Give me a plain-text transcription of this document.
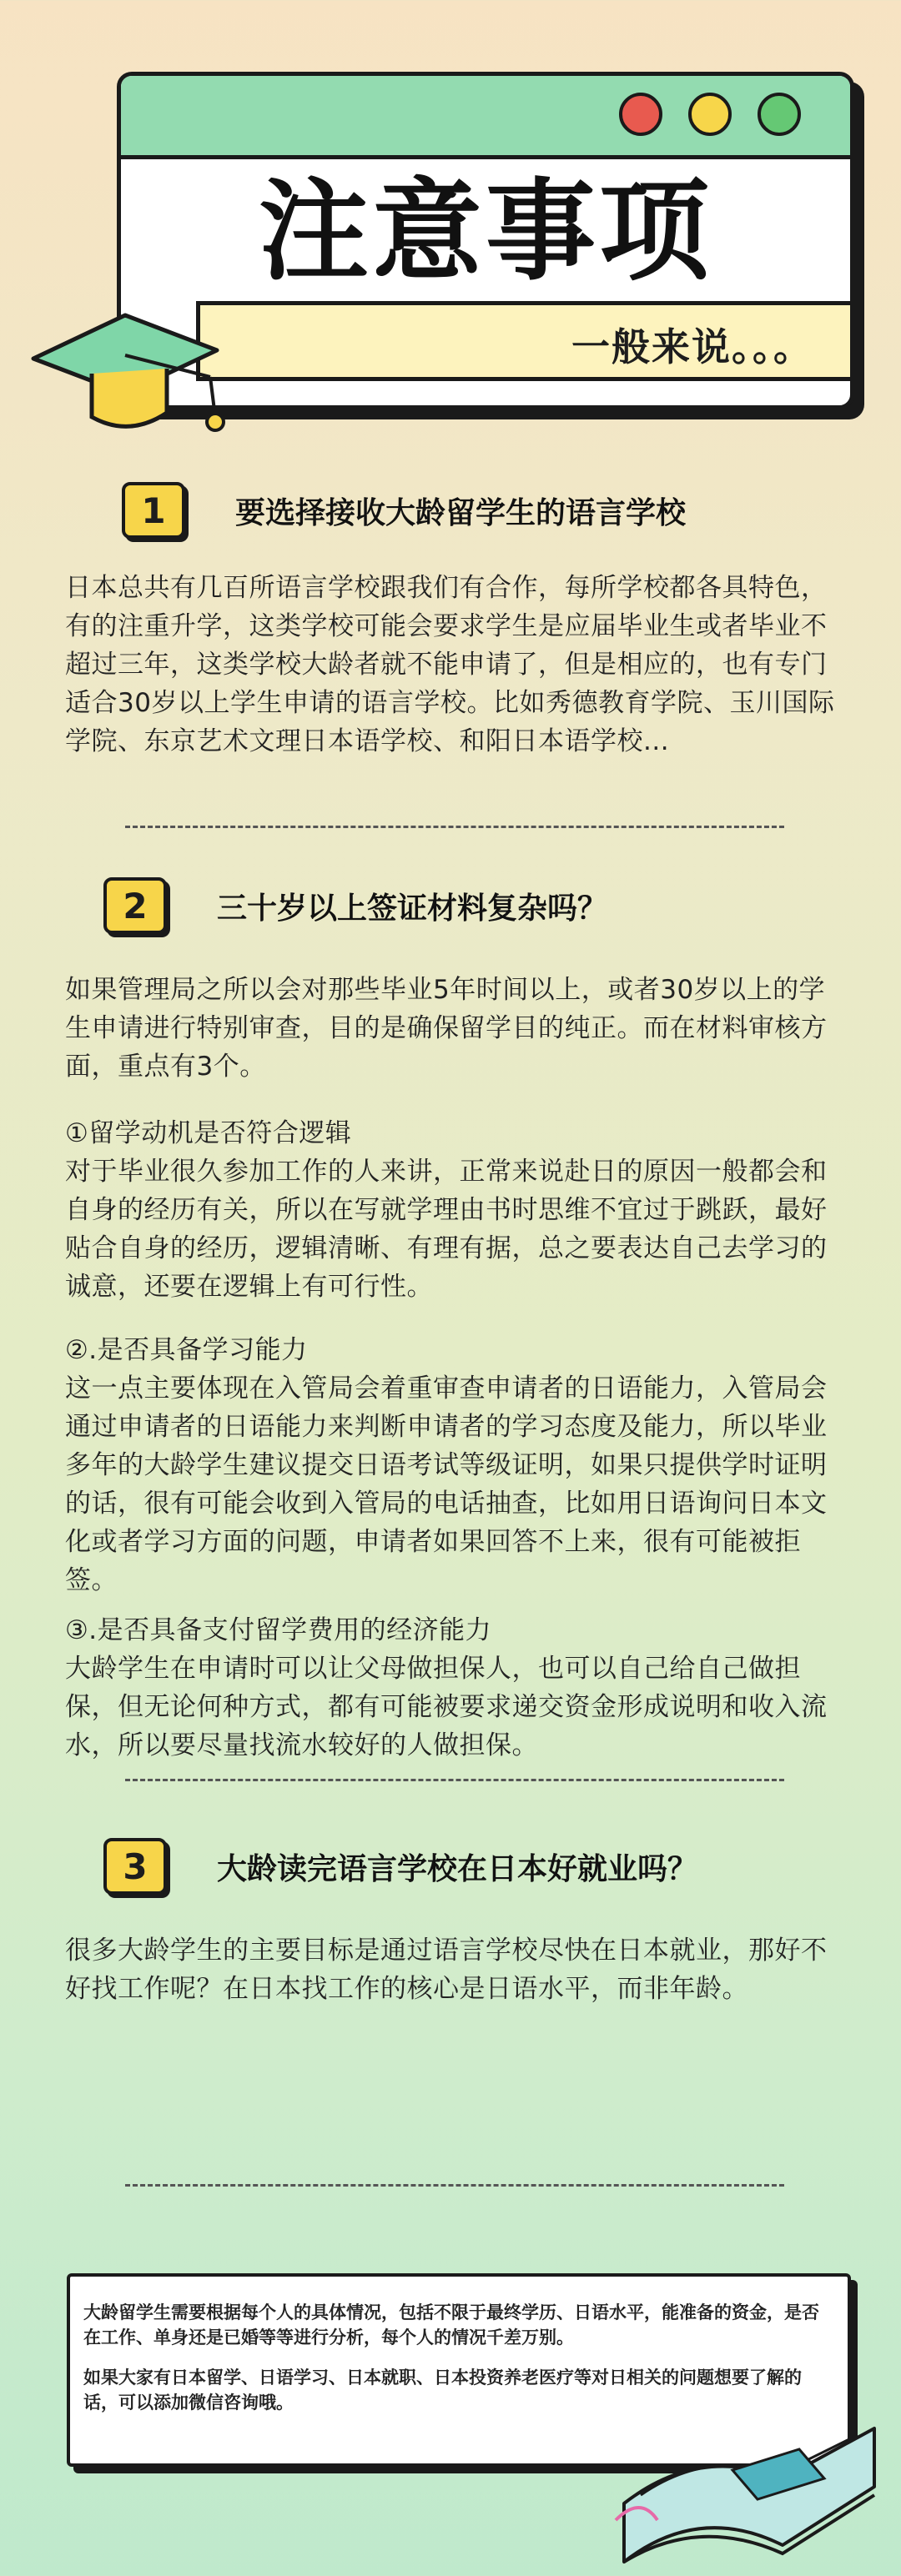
注意事项
一般来说。。。
1	要选择接收大龄留学生的语言学校
日本总共有几百所语言学校跟我们有合作，每所学校都各具特色，有的注重升学，这类学校可能会要求学生是应届毕业生或者毕业不超过三年，这类学校大龄者就不能申请了，但是相应的，也有专门适合30岁以上学生申请的语言学校。比如秀德教育学院、玉川国际学院、东京艺术文理日本语学校、和阳日本语学校...
2	三十岁以上签证材料复杂吗？
如果管理局之所以会对那些毕业5年时间以上，或者30岁以上的学生申请进行特别审查，目的是确保留学目的纯正。而在材料审核方面，重点有3个。
①留学动机是否符合逻辑
对于毕业很久参加工作的人来讲，正常来说赴日的原因一般都会和自身的经历有关，所以在写就学理由书时思维不宜过于跳跃，最好贴合自身的经历，逻辑清晰、有理有据，总之要表达自己去学习的诚意，还要在逻辑上有可行性。
②.是否具备学习能力
这一点主要体现在入管局会着重审查申请者的日语能力，入管局会通过申请者的日语能力来判断申请者的学习态度及能力，所以毕业多年的大龄学生建议提交日语考试等级证明，如果只提供学时证明的话，很有可能会收到入管局的电话抽查，比如用日语询问日本文化或者学习方面的问题，申请者如果回答不上来，很有可能被拒签。
③.是否具备支付留学费用的经济能力
大龄学生在申请时可以让父母做担保人，也可以自己给自己做担保，但无论何种方式，都有可能被要求递交资金形成说明和收入流水，所以要尽量找流水较好的人做担保。
3	大龄读完语言学校在日本好就业吗？
很多大龄学生的主要目标是通过语言学校尽快在日本就业，那好不好找工作呢？在日本找工作的核心是日语水平，而非年龄。

大龄留学生需要根据每个人的具体情况，包括不限于最终学历、日语水平，能准备的资金，是否在工作、单身还是已婚等等进行分析，每个人的情况千差万别。

如果大家有日本留学、日语学习、日本就职、日本投资养老医疗等对日相关的问题想要了解的话，可以添加微信咨询哦。
